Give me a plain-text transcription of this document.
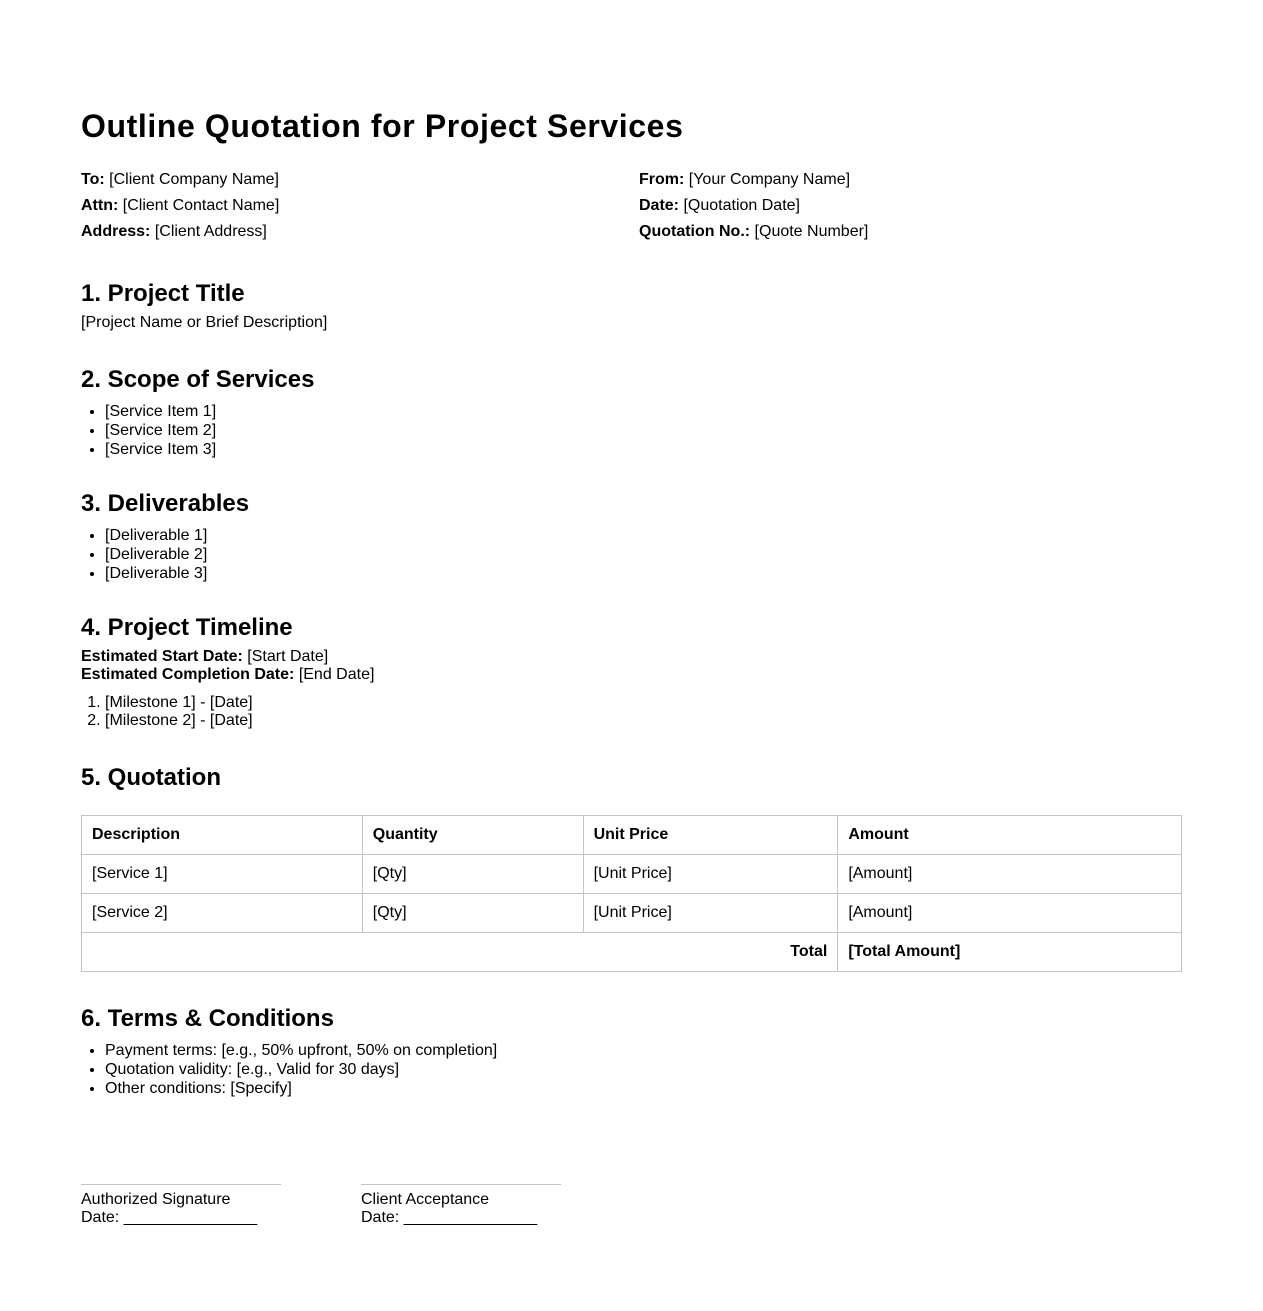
Outline Quotation for Project Services
To: [Client Company Name]
Attn: [Client Contact Name]
Address: [Client Address]
From: [Your Company Name]
Date: [Quotation Date]
Quotation No.: [Quote Number]
1. Project Title

[Project Name or Brief Description]

2. Scope of Services
• [Service Item 1]
• [Service Item 2]
• [Service Item 3]
3. Deliverables
• [Deliverable 1]
• [Deliverable 2]
• [Deliverable 3]
4. Project Timeline

Estimated Start Date: [Start Date]

Estimated Completion Date: [End Date]

1. [Milestone 1] - [Date]
2. [Milestone 2] - [Date]
5. Quotation
Description	Quantity	Unit Price	Amount
[Service 1]	[Qty]	[Unit Price]	[Amount]
[Service 2]	[Qty]	[Unit Price]	[Amount]
Total			[Total Amount]
6. Terms & Conditions
• Payment terms: [e.g., 50% upfront, 50% on completion]
• Quotation validity: [e.g., Valid for 30 days]
• Other conditions: [Specify]
Authorized Signature
Date: _______________
Client Acceptance
Date: _______________
